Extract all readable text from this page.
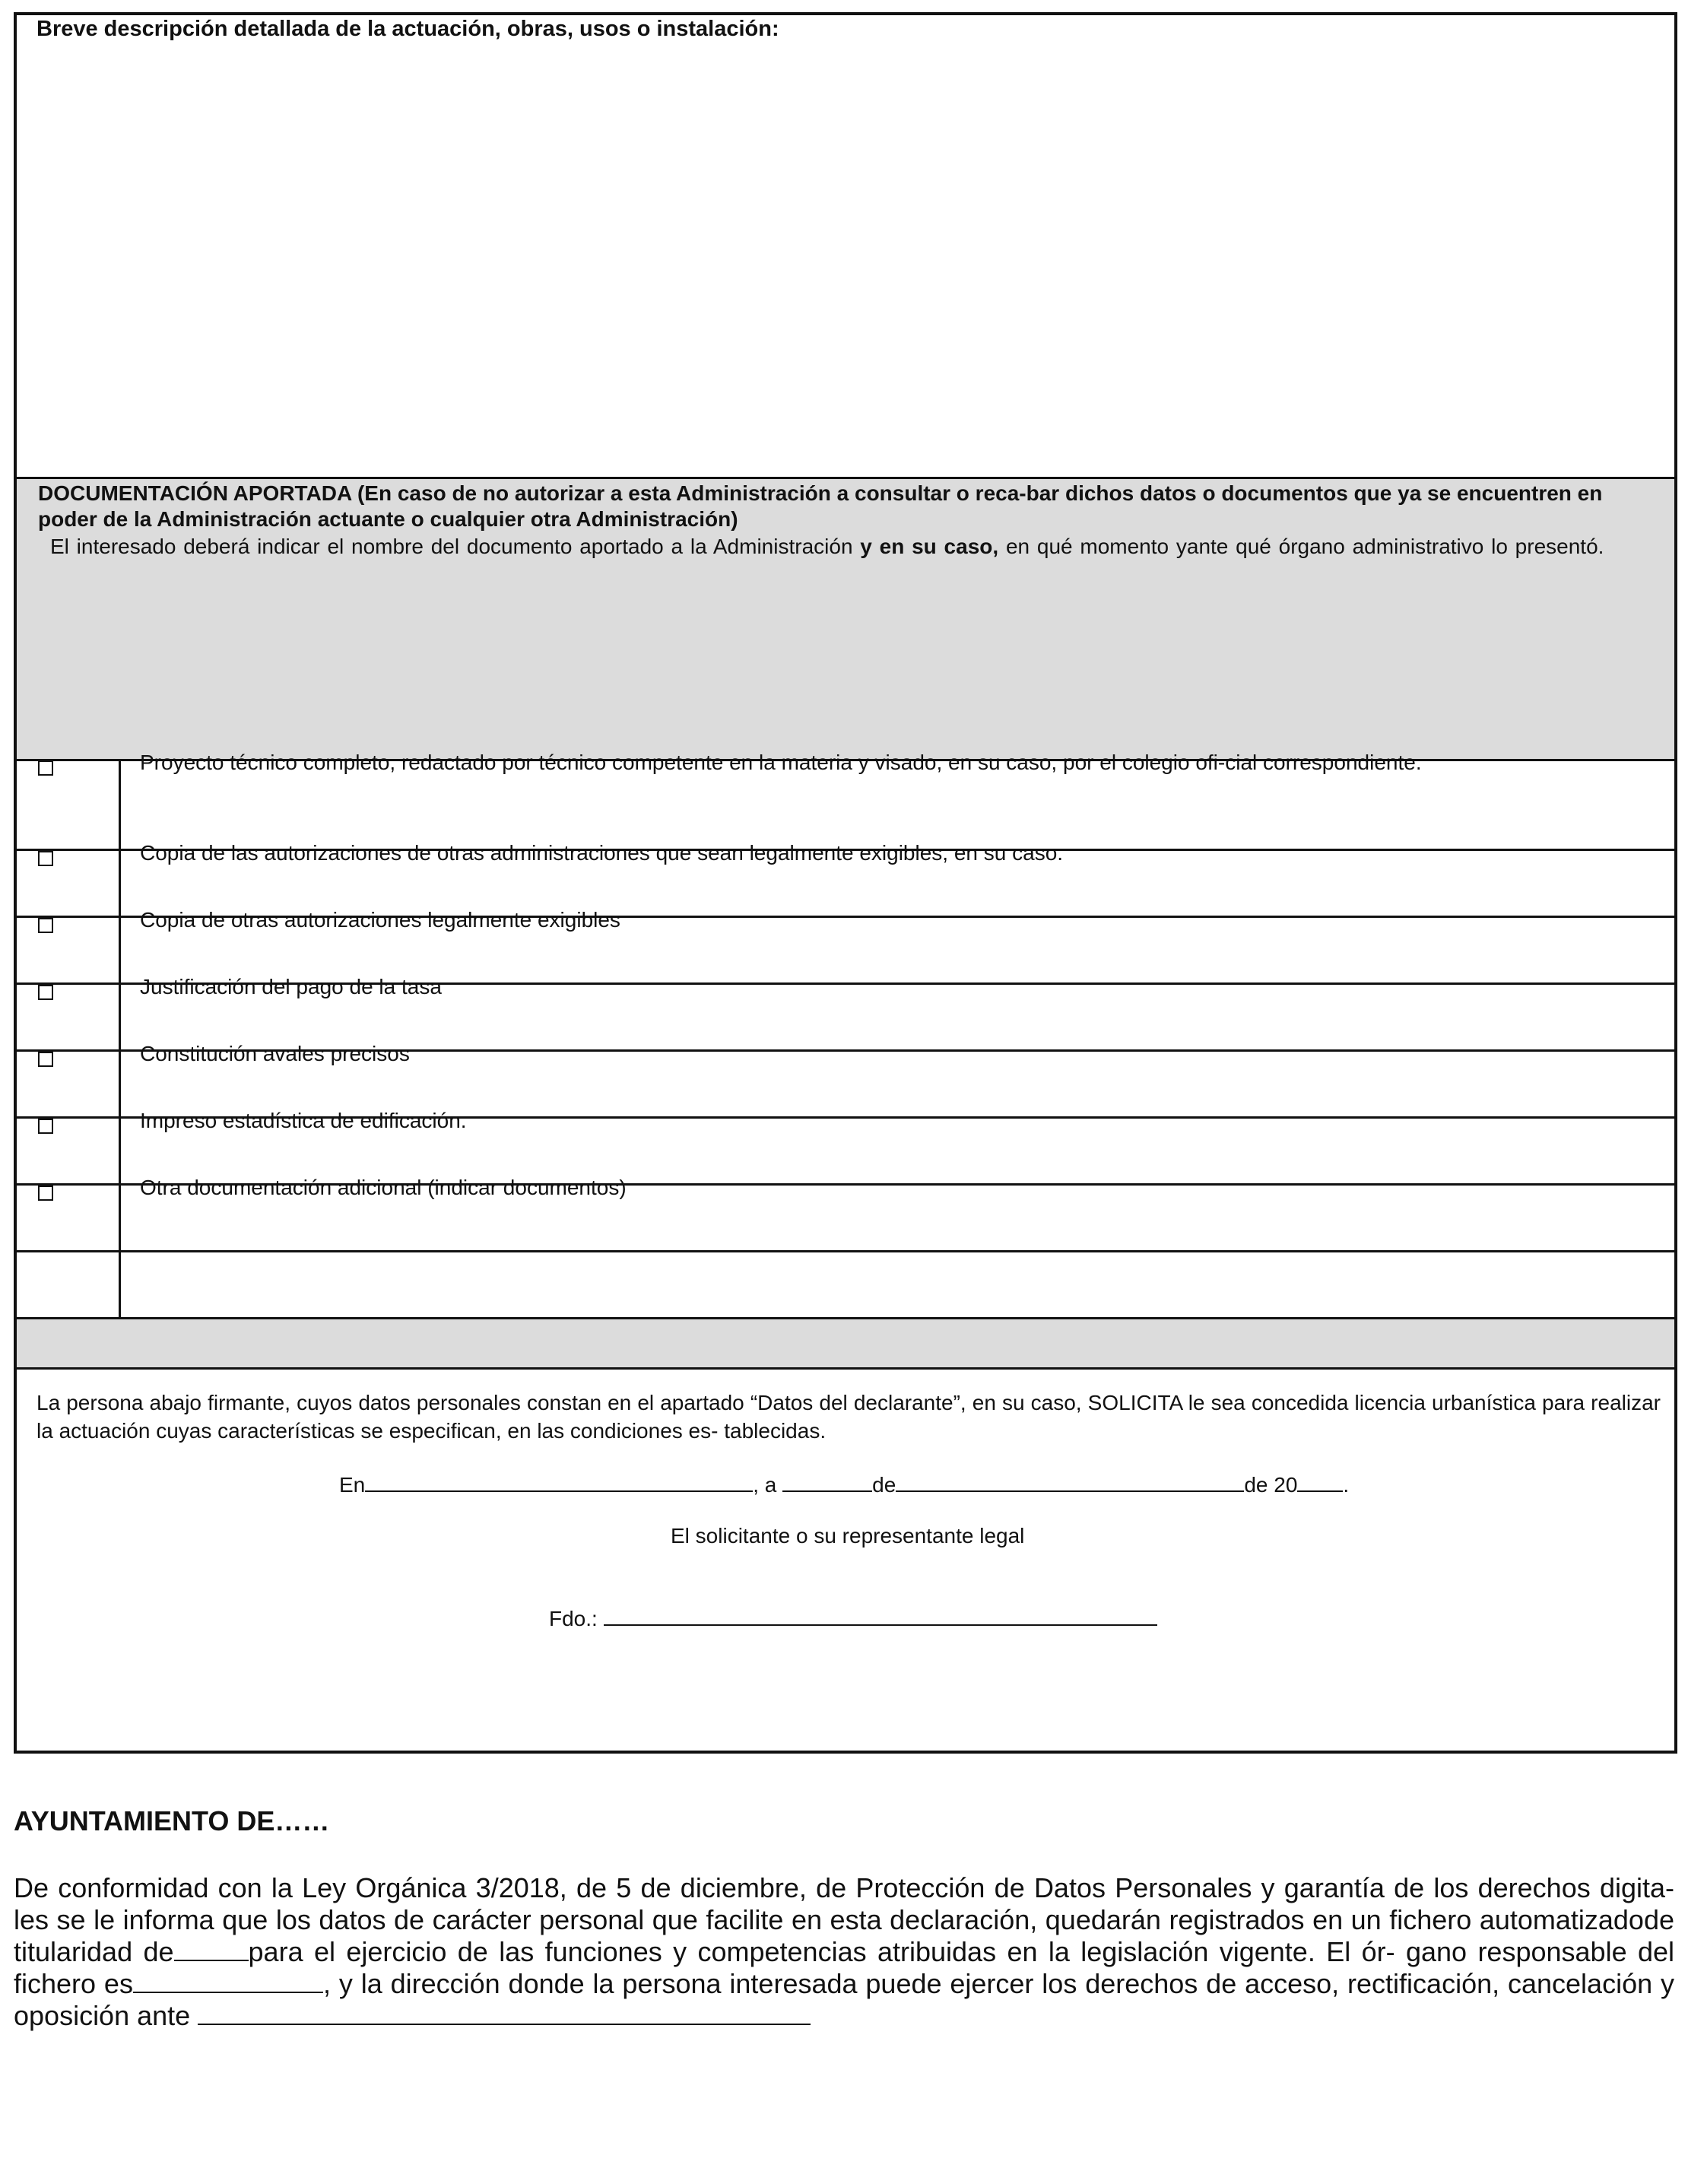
Breve descripción detallada de la actuación, obras, usos o instalación:
DOCUMENTACIÓN APORTADA (En caso de no autorizar a esta Administración a consultar o reca-bar dichos datos o documentos que ya se encuentren en poder de la Administración actuante o cualquier otra Administración)
El interesado deberá indicar el nombre del documento aportado a la Administración y en su caso, en qué momento yante qué órgano administrativo lo presentó.
Proyecto técnico completo, redactado por técnico competente en la materia y visado, en su caso, por el colegio ofi-cial correspondiente.
Copia de las autorizaciones de otras administraciones que sean legalmente exigibles, en su caso.
Copia de otras autorizaciones legalmente exigibles
Justificación del pago de la tasa
Constitución avales precisos
Impreso estadística de edificación.
Otra documentación adicional (indicar documentos)
La persona abajo firmante, cuyos datos personales constan en el apartado “Datos del declarante”, en su caso, SOLICITA le sea concedida licencia urbanística para realizar la actuación cuyas características se especifican, en las condiciones es- tablecidas.
En	, a	de	de 20 .
El solicitante o su representante legal
Fdo.:
AYUNTAMIENTO DE……
De conformidad con la Ley Orgánica 3/2018, de 5 de diciembre, de Protección de Datos Personales y garantía de los derechos digita- les se le informa que los datos de carácter personal que facilite en esta declaración, quedarán registrados en un fichero automatizadode titularidad de	para el ejercicio de las funciones y competencias atribuidas en la legislación vigente. El ór- gano responsable del fichero es	, y la dirección donde la persona interesada puede ejercer los derechos de acceso, rectificación, cancelación y oposición ante
